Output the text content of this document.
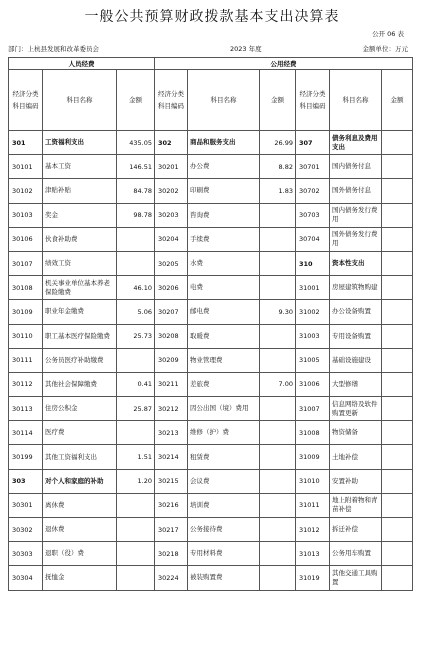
一般公共预算财政拨款基本支出决算表
公开 06 表
部门：上杭县发展和改革委员会	2023 年度	金额单位：万元
人员经费			公用经费					
经济分类科目编码	科目名称	金额	经济分类科目编码	科目名称	金额	经济分类科目编码	科目名称	金额
301	工资福利支出	435.05	302	商品和服务支出	26.99	307	债务利息及费用支出	
30101	基本工资	146.51	30201	办公费	8.82	30701	国内债务付息	
30102	津贴补贴	84.78	30202	印刷费	1.83	30702	国外债务付息	
30103	奖金	98.78	30203	咨询费		30703	国内债务发行费用	
30106	伙食补助费		30204	手续费		30704	国外债务发行费用	
30107	绩效工资		30205	水费		310	资本性支出	
30108	机关事业单位基本养老保险缴费	46.10	30206	电费		31001	房屋建筑物购建	
30109	职业年金缴费	5.06	30207	邮电费	9.30	31002	办公设备购置	
30110	职工基本医疗保险缴费	25.73	30208	取暖费		31003	专用设备购置	
30111	公务员医疗补助缴费		30209	物业管理费		31005	基础设施建设	
30112	其他社会保障缴费	0.41	30211	差旅费	7.00	31006	大型修缮	
30113	住房公积金	25.87	30212	因公出国（境）费用		31007	信息网络及软件购置更新	
30114	医疗费		30213	维修（护）费		31008	物资储备	
30199	其他工资福利支出	1.51	30214	租赁费		31009	土地补偿	
303	对个人和家庭的补助	1.20	30215	会议费		31010	安置补助	
30301	离休费		30216	培训费		31011	地上附着物和青苗补偿	
30302	退休费		30217	公务接待费		31012	拆迁补偿	
30303	退职（役）费		30218	专用材料费		31013	公务用车购置	
30304	抚恤金		30224	被装购置费		31019	其他交通工具购置	
